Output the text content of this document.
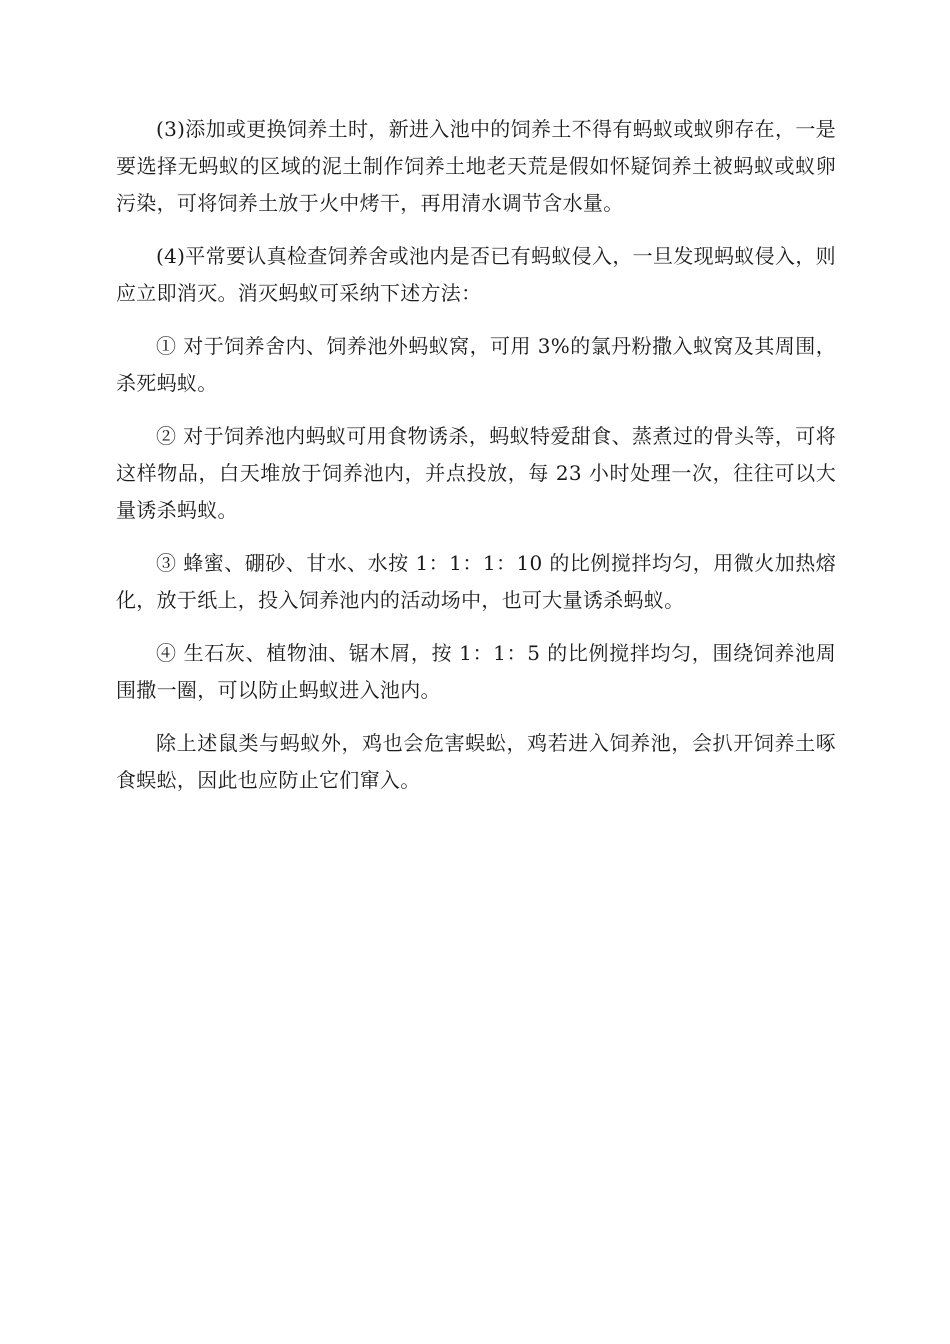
(3)添加或更换饲养土时，新进入池中的饲养土不得有蚂蚁或蚁卵存在，一是要选择无蚂蚁的区域的泥土制作饲养土地老天荒是假如怀疑饲养土被蚂蚁或蚁卵污染，可将饲养土放于火中烤干，再用清水调节含水量。

(4)平常要认真检查饲养舍或池内是否已有蚂蚁侵入，一旦发现蚂蚁侵入，则应立即消灭。消灭蚂蚁可采纳下述方法：

① 对于饲养舍内、饲养池外蚂蚁窝，可用 3%的氯丹粉撒入蚁窝及其周围，杀死蚂蚁。

② 对于饲养池内蚂蚁可用食物诱杀，蚂蚁特爱甜食、蒸煮过的骨头等，可将这样物品，白天堆放于饲养池内，并点投放，每 23 小时处理一次，往往可以大量诱杀蚂蚁。

③ 蜂蜜、硼砂、甘水、水按 1：1：1：10 的比例搅拌均匀，用微火加热熔化，放于纸上，投入饲养池内的活动场中，也可大量诱杀蚂蚁。

④ 生石灰、植物油、锯木屑，按 1：1：5 的比例搅拌均匀，围绕饲养池周围撒一圈，可以防止蚂蚁进入池内。

除上述鼠类与蚂蚁外，鸡也会危害蜈蚣，鸡若进入饲养池，会扒开饲养土啄食蜈蚣，因此也应防止它们窜入。
